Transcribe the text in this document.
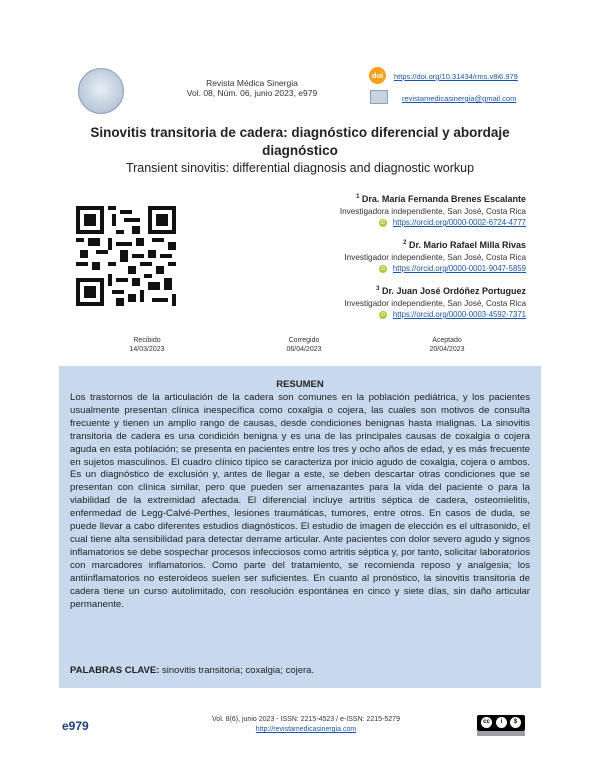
Revista Médica Sinergia
Vol. 08, Núm. 06, junio 2023, e979
doi	https://doi.org/10.31434/rms.v8i6.979
revistamedicasinergia@gmail.com
Sinovitis transitoria de cadera: diagnóstico diferencial y abordaje diagnóstico
Transient sinovitis: differential diagnosis and diagnostic workup
$^1$ Dra. María Fernanda Brenes Escalante
Investigadora independiente, San José, Costa Rica
iD https://orcid.org/0000-0002-6724-4777
$^2$ Dr. Mario Rafael Milla Rivas
Investigador independiente, San José, Costa Rica
iD https://orcid.org/0000-0001-9047-5859
$^3$ Dr. Juan José Ordóñez Portuguez
Investigador independiente, San José, Costa Rica
iD https://orcid.org/0000-0003-4592-7371
Recibido
14/03/2023
Corregido
06/04/2023
Aceptado
20/04/2023
RESUMEN
Los trastornos de la articulación de la cadera son comunes en la población pediátrica, y los pacientes usualmente presentan clínica inespecífica como coxalgia o cojera, las cuales son motivos de consulta frecuente y tienen un amplio rango de causas, desde condiciones benignas hasta malignas. La sinovitis transitoria de cadera es una condición benigna y es una de las principales causas de coxalgia o cojera aguda en esta población; se presenta en pacientes entre los tres y ocho años de edad, y es más frecuente en sujetos masculinos. El cuadro clínico típico se caracteriza por inicio agudo de coxalgia, cojera o ambos. Es un diagnóstico de exclusión y, antes de llegar a este, se deben descartar otras condiciones que se presentan con clínica similar, pero que pueden ser amenazantes para la vida del paciente o para la viabilidad de la extremidad afectada. El diferencial incluye artritis séptica de cadera, osteomielitis, enfermedad de Legg-Calvé-Perthes, lesiones traumáticas, tumores, entre otros. En casos de duda, se puede llevar a cabo diferentes estudios diagnósticos. El estudio de imagen de elección es el ultrasonido, el cual tiene alta sensibilidad para detectar derrame articular. Ante pacientes con dolor severo agudo y signos inflamatorios se debe sospechar procesos infecciosos como artritis séptica y, por tanto, solicitar laboratorios con marcadores inflamatorios. Como parte del tratamiento, se recomienda reposo y analgesia; los antiinflamatorios no esteroideos suelen ser suficientes. En cuanto al pronóstico, la sinovitis transitoria de cadera tiene un curso autolimitado, con resolución espontánea en cinco y siete días, sin daño articular permanente.
PALABRAS CLAVE: sinovitis transitoria; coxalgia; cojera.
e979	Vol. 8(6), junio 2023 - ISSN: 2215-4523 / e-ISSN: 2215-5279
http://revistamedicasinergia.com
cc	i	$
